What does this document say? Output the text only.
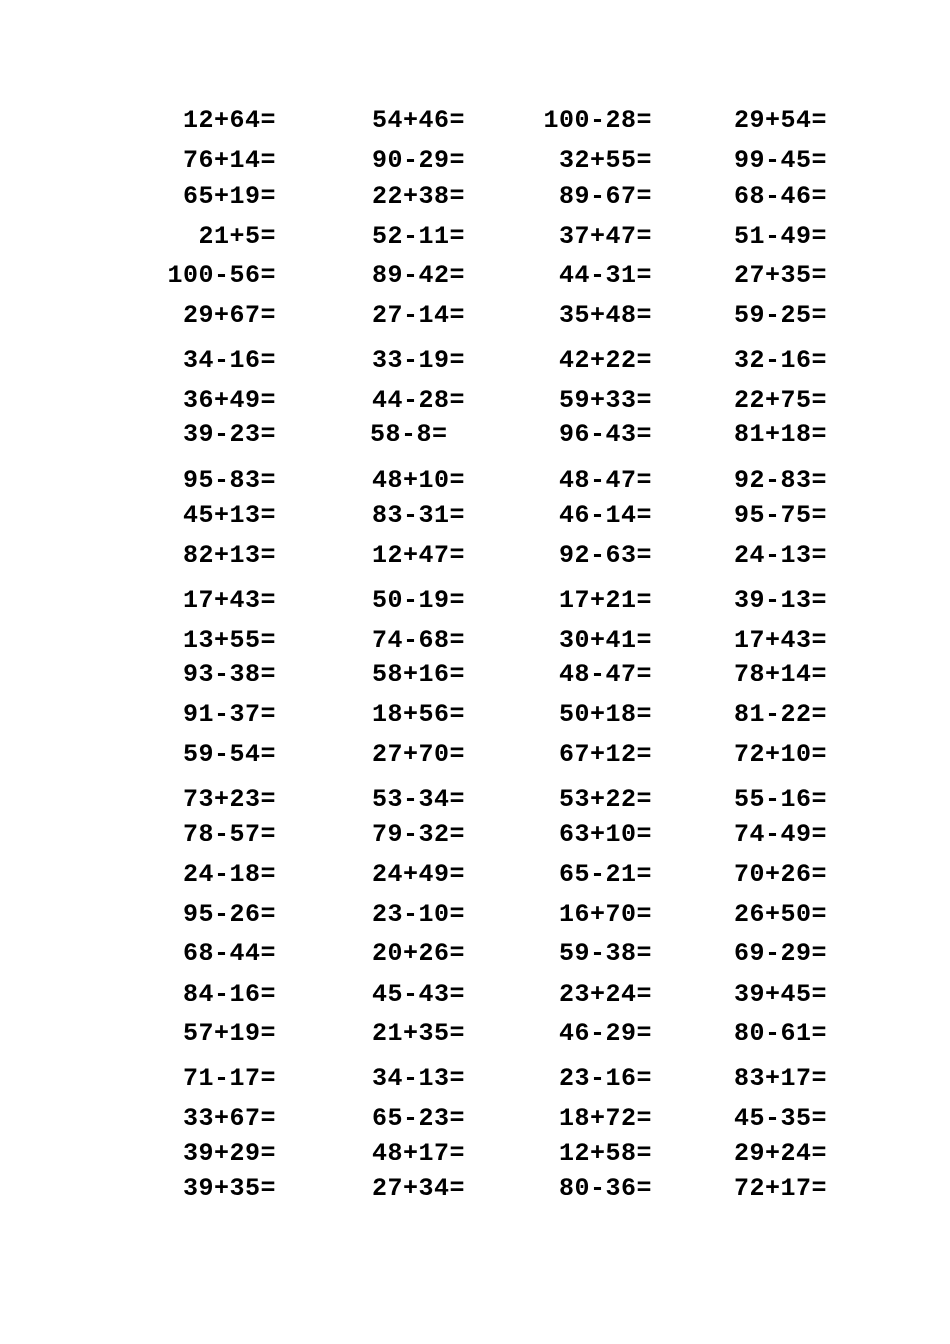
12+64=	54+46=	100-28=	29+54=
76+14=	90-29=	32+55=	99-45=
65+19=	22+38=	89-67=	68-46=
21+5=	52-11=	37+47=	51-49=
100-56=	89-42=	44-31=	27+35=
29+67=	27-14=	35+48=	59-25=
34-16=	33-19=	42+22=	32-16=
36+49=	44-28=	59+33=	22+75=
39-23=	58-8=	96-43=	81+18=
95-83=	48+10=	48-47=	92-83=
45+13=	83-31=	46-14=	95-75=
82+13=	12+47=	92-63=	24-13=
17+43=	50-19=	17+21=	39-13=
13+55=	74-68=	30+41=	17+43=
93-38=	58+16=	48-47=	78+14=
91-37=	18+56=	50+18=	81-22=
59-54=	27+70=	67+12=	72+10=
73+23=	53-34=	53+22=	55-16=
78-57=	79-32=	63+10=	74-49=
24-18=	24+49=	65-21=	70+26=
95-26=	23-10=	16+70=	26+50=
68-44=	20+26=	59-38=	69-29=
84-16=	45-43=	23+24=	39+45=
57+19=	21+35=	46-29=	80-61=
71-17=	34-13=	23-16=	83+17=
33+67=	65-23=	18+72=	45-35=
39+29=	48+17=	12+58=	29+24=
39+35=	27+34=	80-36=	72+17=
